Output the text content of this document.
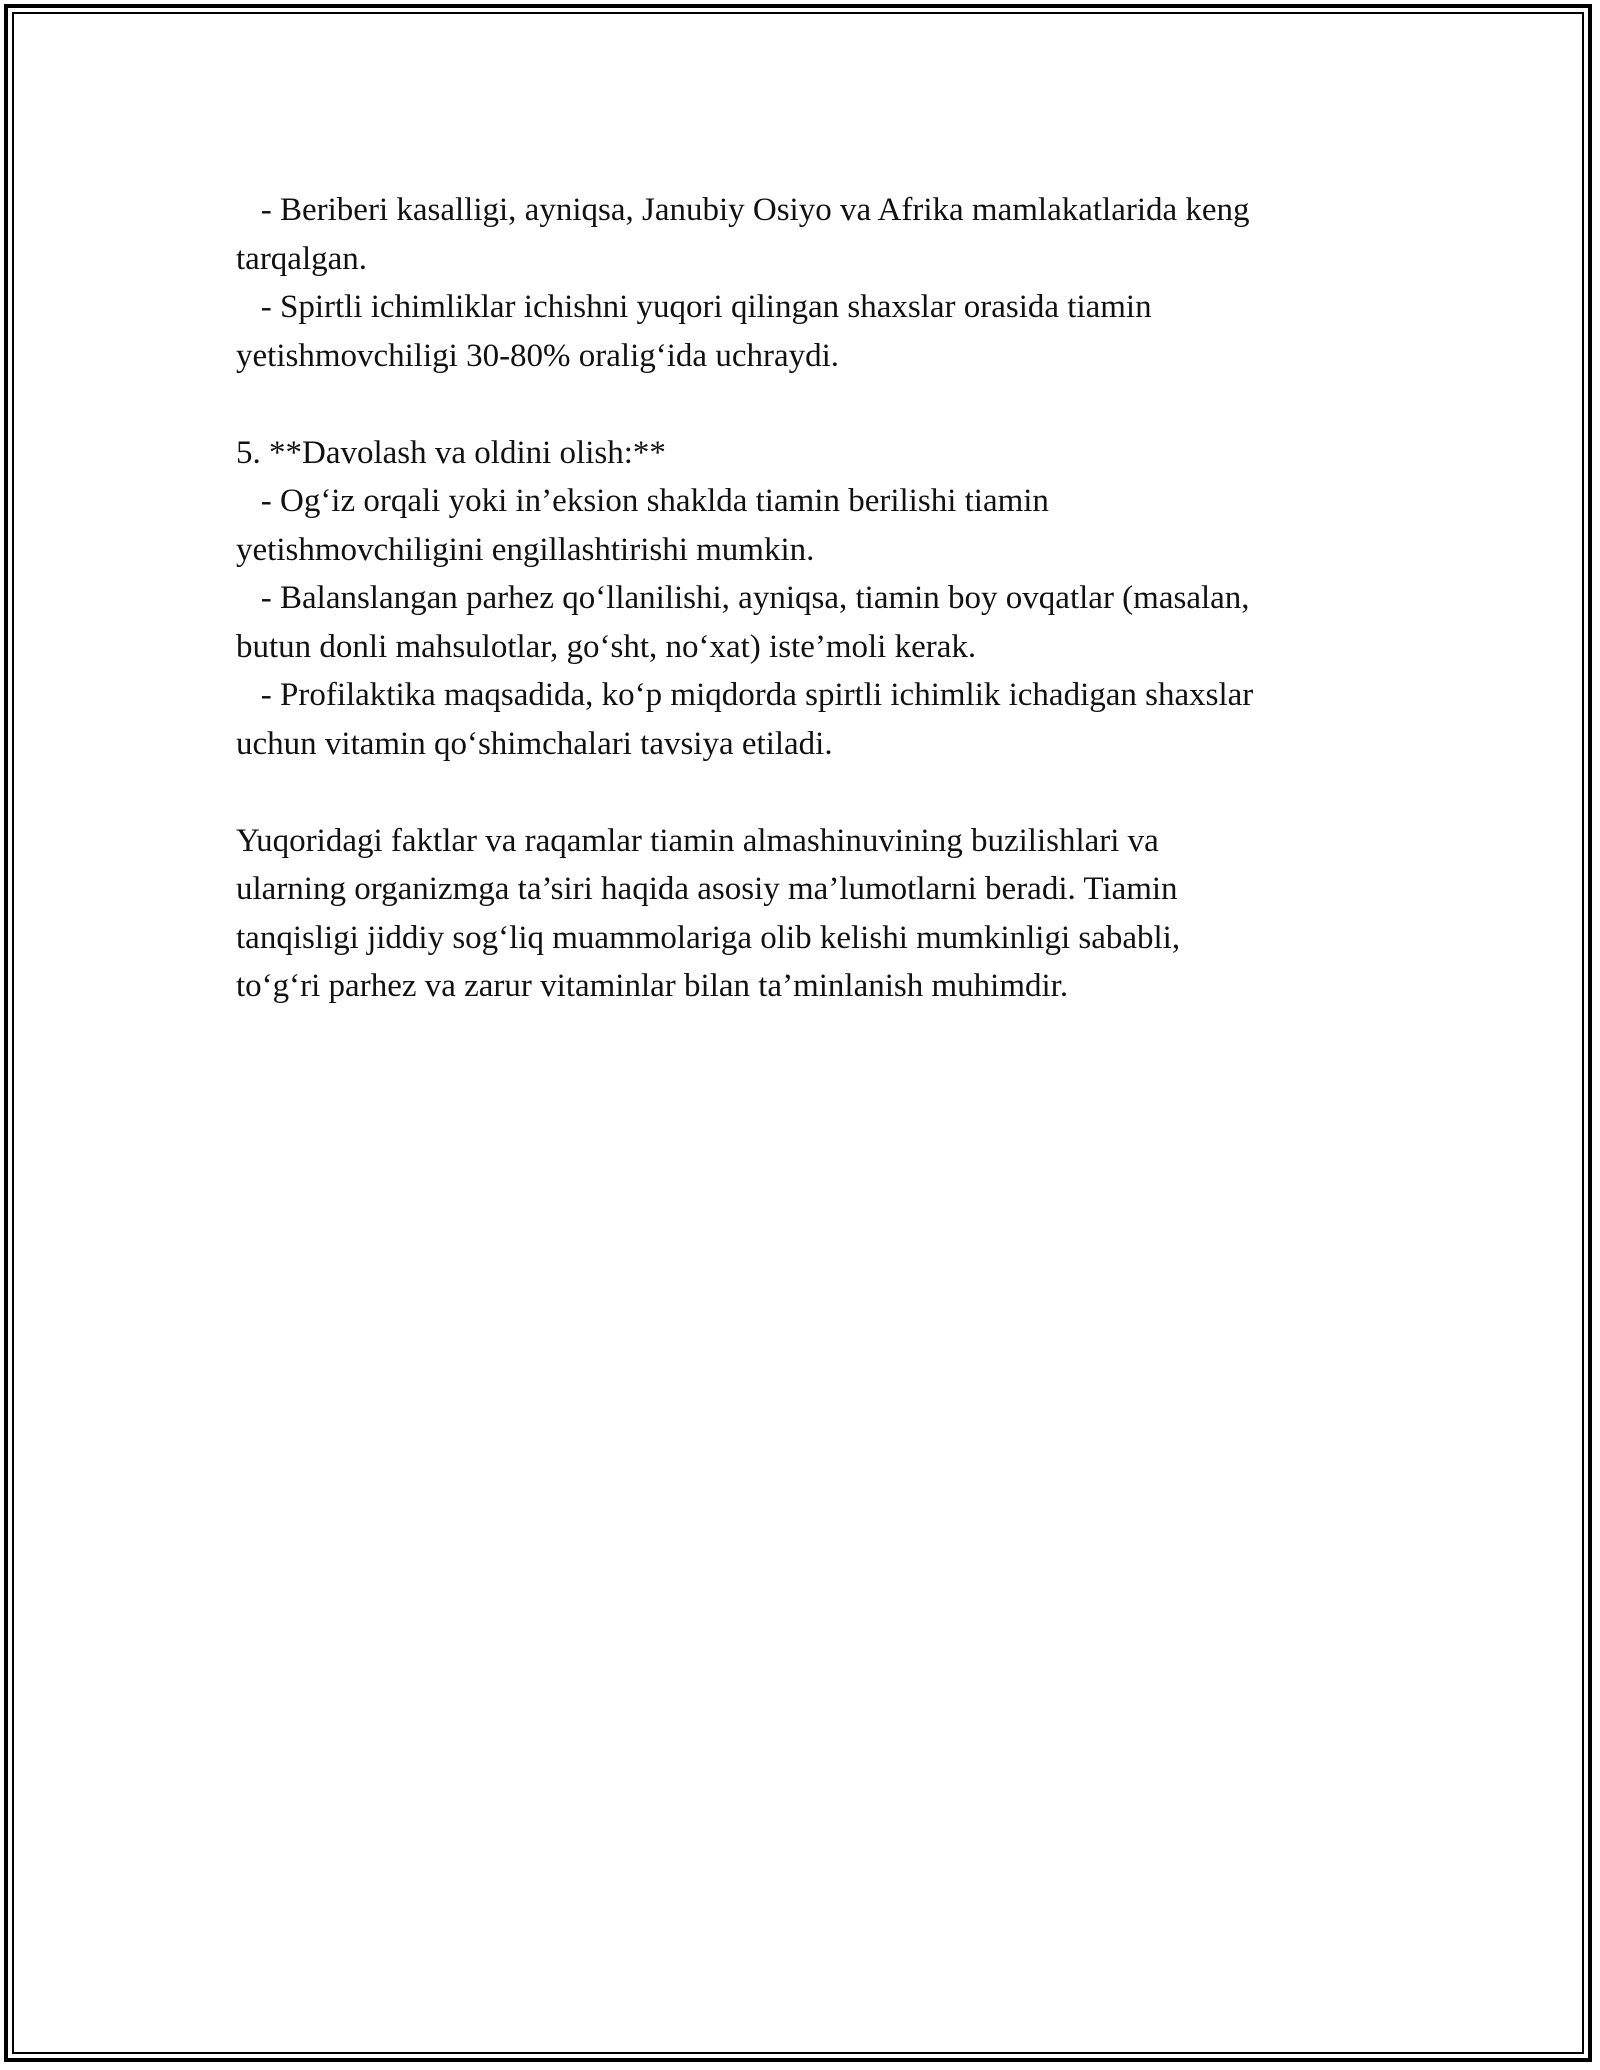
- Beriberi kasalligi, ayniqsa, Janubiy Osiyo va Afrika mamlakatlarida keng
tarqalgan.
- Spirtli ichimliklar ichishni yuqori qilingan shaxslar orasida tiamin
yetishmovchiligi 30-80% oralig‘ida uchraydi.
5. **Davolash va oldini olish:**
- Og‘iz orqali yoki in’eksion shaklda tiamin berilishi tiamin
yetishmovchiligini engillashtirishi mumkin.
- Balanslangan parhez qo‘llanilishi, ayniqsa, tiamin boy ovqatlar (masalan,
butun donli mahsulotlar, go‘sht, no‘xat) iste’moli kerak.
- Profilaktika maqsadida, ko‘p miqdorda spirtli ichimlik ichadigan shaxslar
uchun vitamin qo‘shimchalari tavsiya etiladi.
Yuqoridagi faktlar va raqamlar tiamin almashinuvining buzilishlari va
ularning organizmga ta’siri haqida asosiy ma’lumotlarni beradi. Tiamin
tanqisligi jiddiy sog‘liq muammolariga olib kelishi mumkinligi sababli,
to‘g‘ri parhez va zarur vitaminlar bilan ta’minlanish muhimdir.
